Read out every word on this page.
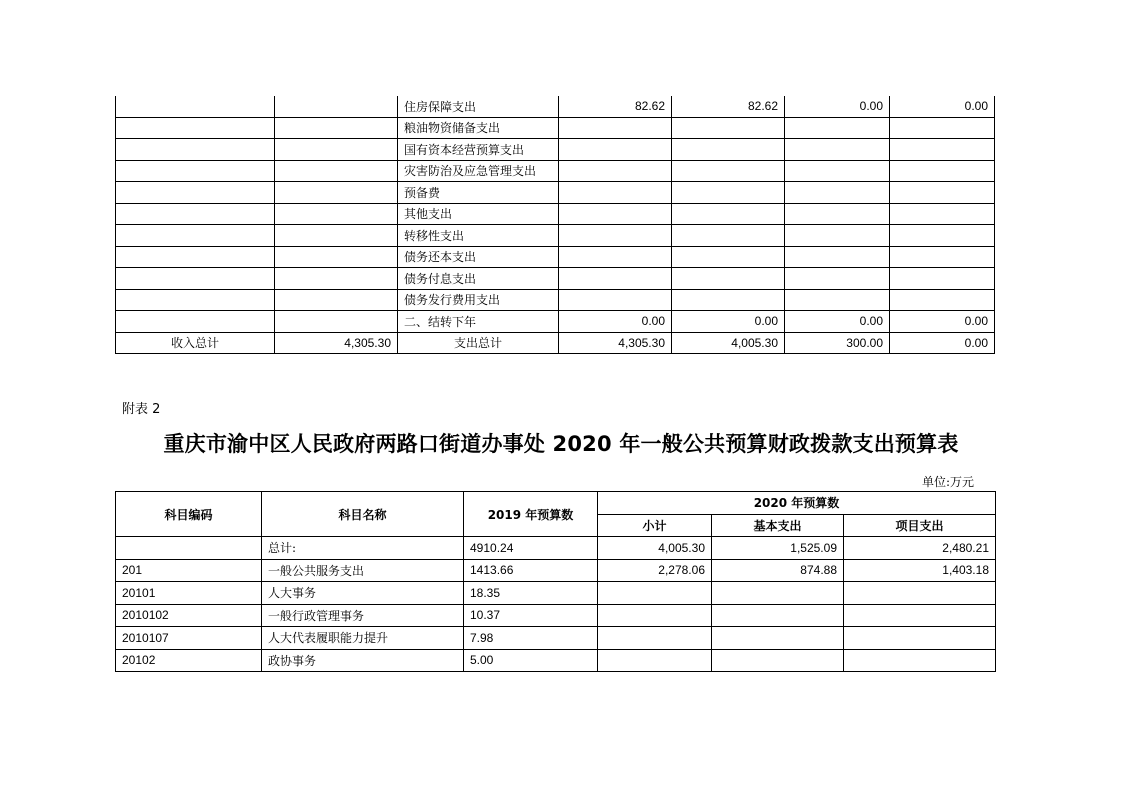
		住房保障支出	82.62	82.62	0.00	0.00
		粮油物资储备支出				
		国有资本经营预算支出				
		灾害防治及应急管理支出				
		预备费				
		其他支出				
		转移性支出				
		债务还本支出				
		债务付息支出				
		债务发行费用支出				
		二、结转下年	0.00	0.00	0.00	0.00
收入总计	4,305.30	支出总计	4,305.30	4,005.30	300.00	0.00
附表 2
重庆市渝中区人民政府两路口街道办事处 2020 年一般公共预算财政拨款支出预算表
单位:万元
科目编码	科目名称	2019 年预算数		2020 年预算数		
			小计	基本支出	项目支出
	总计:	4910.24		4,005.30	1,525.09	2,480.21
201	一般公共服务支出	1413.66		2,278.06	874.88	1,403.18
20101	人大事务	18.35				
2010102	一般行政管理事务	10.37				
2010107	人大代表履职能力提升	7.98				
20102	政协事务	5.00				
